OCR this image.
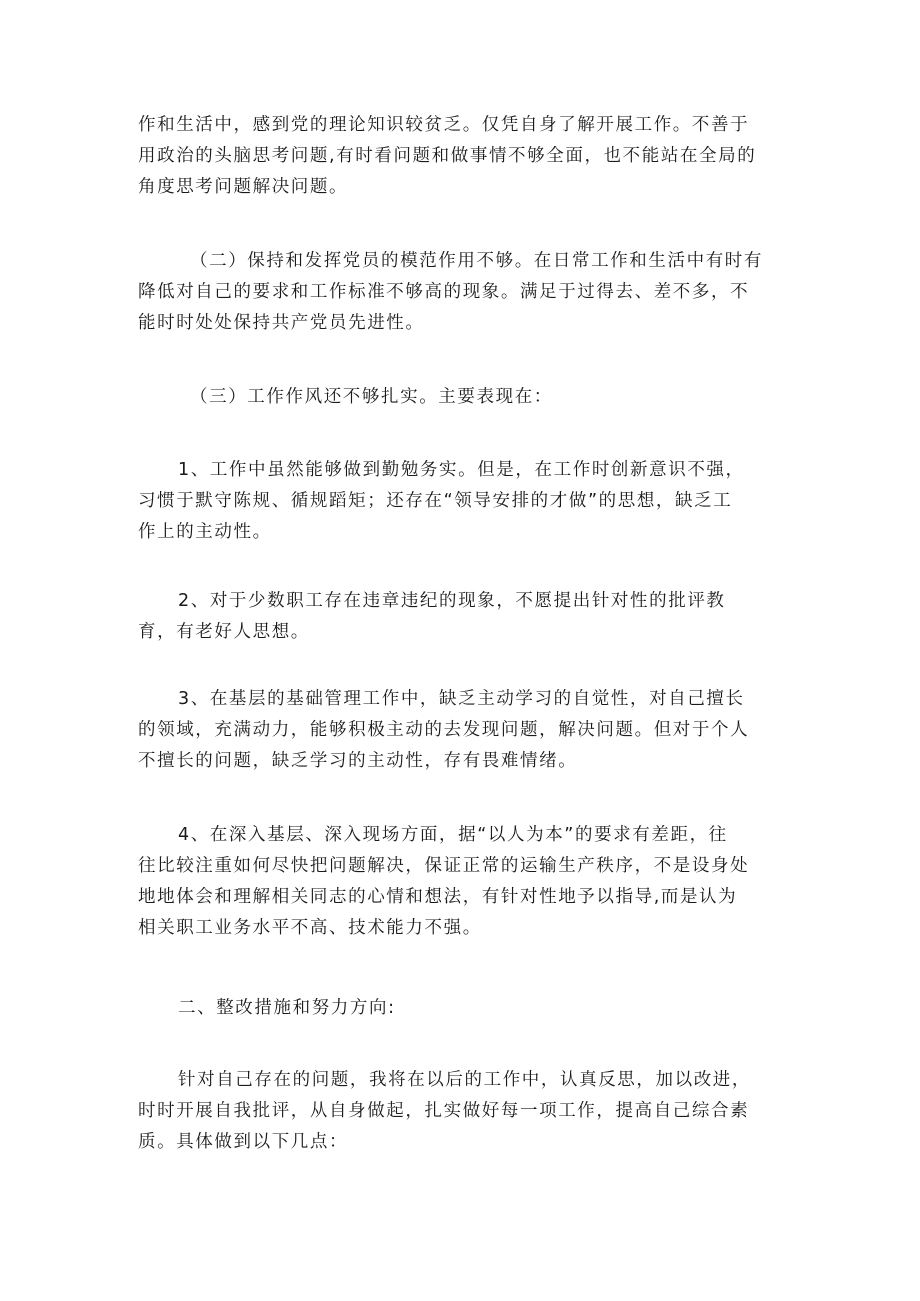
作和生活中，感到党的理论知识较贫乏。仅凭自身了解开展工作。不善于
用政治的头脑思考问题,有时看问题和做事情不够全面，也不能站在全局的
角度思考问题解决问题。

（二）保持和发挥党员的模范作用不够。在日常工作和生活中有时有
降低对自己的要求和工作标准不够高的现象。满足于过得去、差不多，不
能时时处处保持共产党员先进性。

（三）工作作风还不够扎实。主要表现在：

1、工作中虽然能够做到勤勉务实。但是，在工作时创新意识不强，
习惯于默守陈规、循规蹈矩；还存在“领导安排的才做”的思想，缺乏工
作上的主动性。

2、对于少数职工存在违章违纪的现象，不愿提出针对性的批评教
育，有老好人思想。

3、在基层的基础管理工作中，缺乏主动学习的自觉性，对自己擅长
的领域，充满动力，能够积极主动的去发现问题，解决问题。但对于个人
不擅长的问题，缺乏学习的主动性，存有畏难情绪。

4、在深入基层、深入现场方面，据“以人为本”的要求有差距，往
往比较注重如何尽快把问题解决，保证正常的运输生产秩序，不是设身处
地地体会和理解相关同志的心情和想法，有针对性地予以指导,而是认为
相关职工业务水平不高、技术能力不强。

二、整改措施和努力方向:

针对自己存在的问题，我将在以后的工作中，认真反思，加以改进，
时时开展自我批评，从自身做起，扎实做好每一项工作，提高自己综合素
质。具体做到以下几点：
